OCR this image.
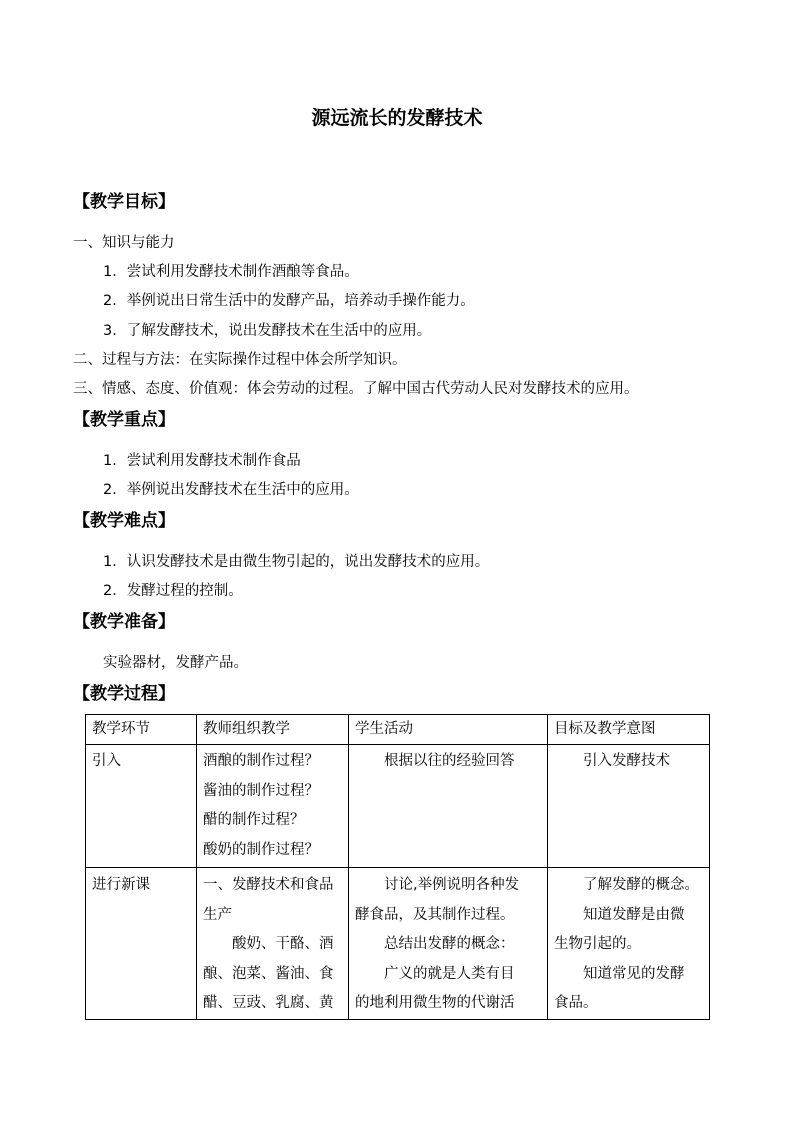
源远流长的发酵技术
【教学目标】
一、知识与能力
1．尝试利用发酵技术制作酒酿等食品。
2．举例说出日常生活中的发酵产品，培养动手操作能力。
3．了解发酵技术，说出发酵技术在生活中的应用。
二、过程与方法：在实际操作过程中体会所学知识。
三、情感、态度、价值观：体会劳动的过程。了解中国古代劳动人民对发酵技术的应用。
【教学重点】
1．尝试利用发酵技术制作食品
2．举例说出发酵技术在生活中的应用。
【教学难点】
1．认识发酵技术是由微生物引起的，说出发酵技术的应用。
2．发酵过程的控制。
【教学准备】
实验器材，发酵产品。
【教学过程】
教学环节	教师组织教学	学生活动	目标及教学意图

引入	酒酿的制作过程？
酱油的制作过程？
醋的制作过程？
酸奶的制作过程？	根据以往的经验回答	引入发酵技术

进行新课	一、发酵技术和食品
生产
酸奶、干酪、酒
酿、泡菜、酱油、食
醋、豆豉、乳腐、黄	讨论,举例说明各种发
酵食品，及其制作过程。
总结出发酵的概念：
广义的就是人类有目
的地利用微生物的代谢活	了解发酵的概念。
知道发酵是由微
生物引起的。
知道常见的发酵
食品。
